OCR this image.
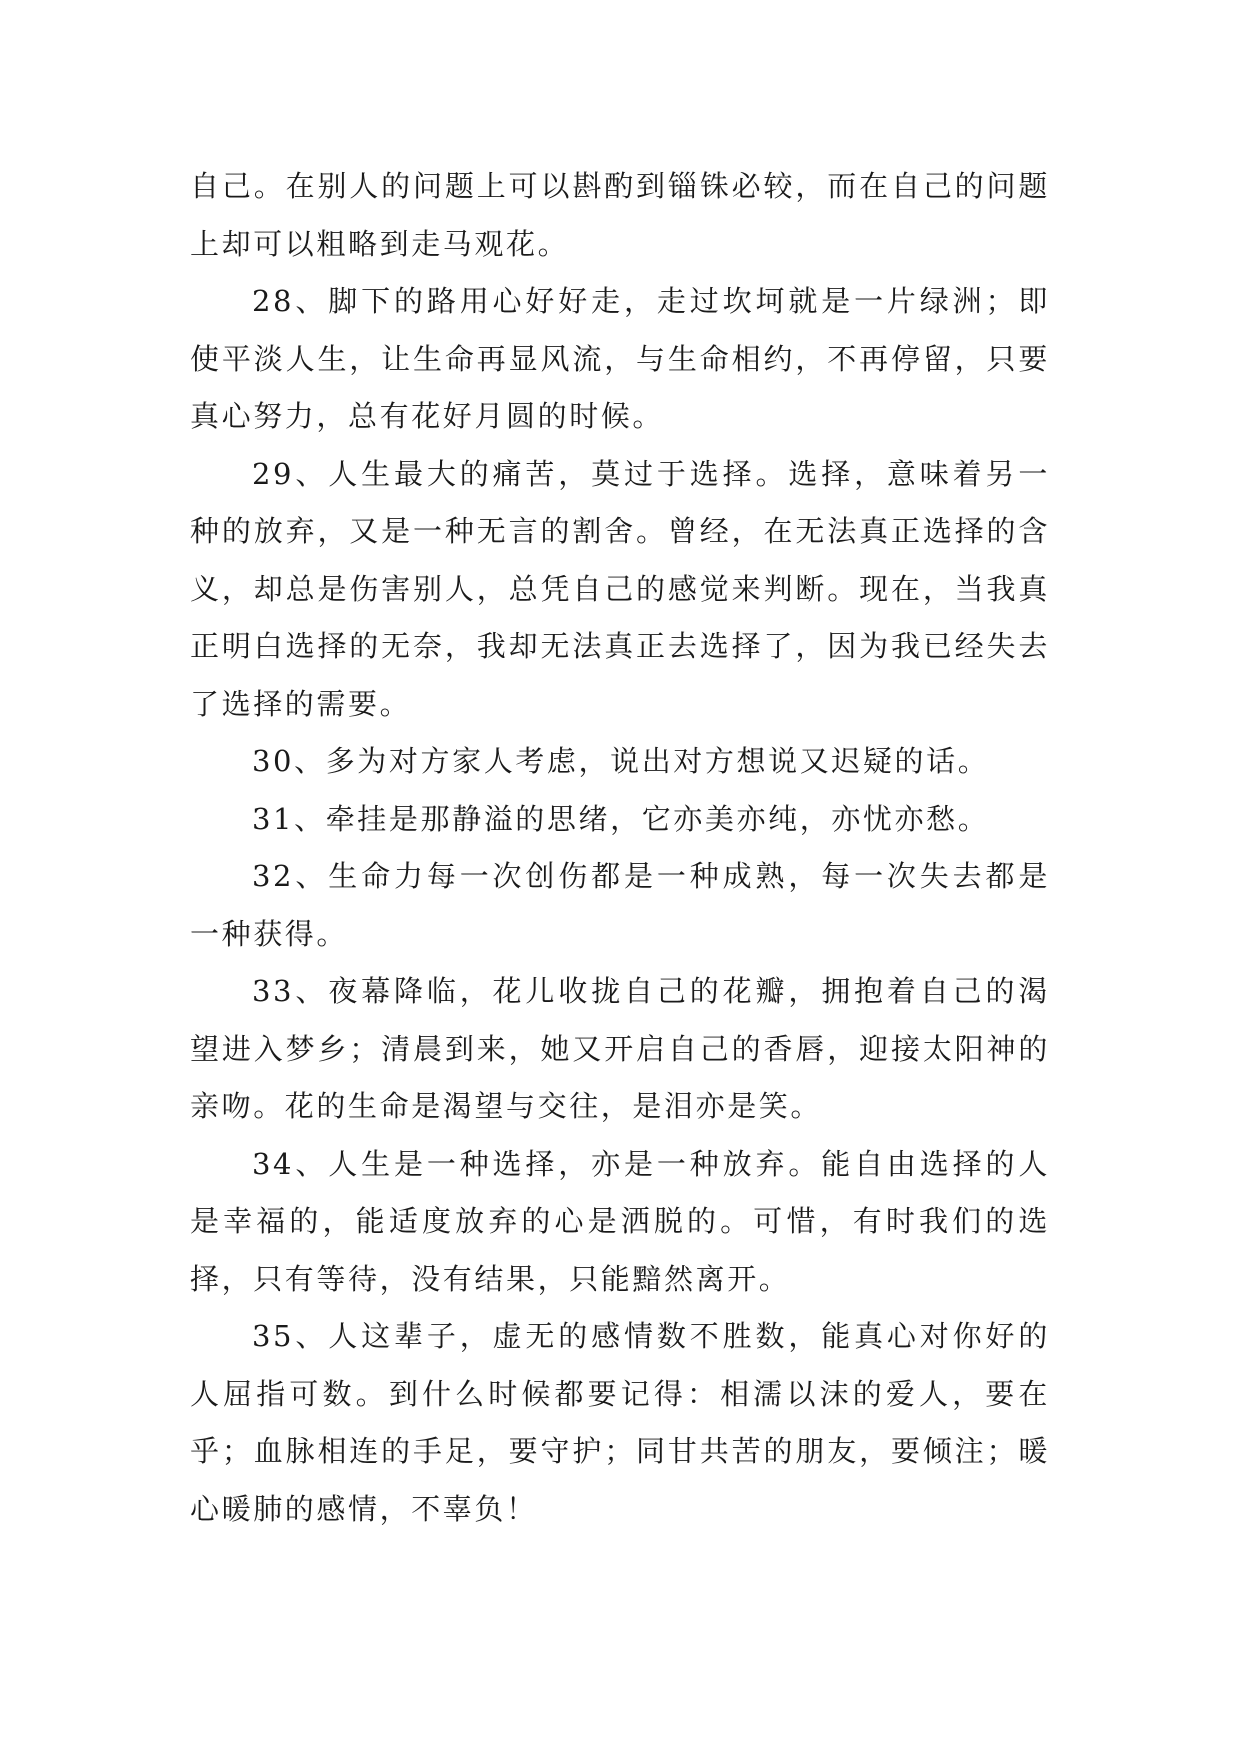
自己。在别人的问题上可以斟酌到锱铢必较，而在自己的问题上却可以粗略到走马观花。

28、脚下的路用心好好走，走过坎坷就是一片绿洲；即使平淡人生，让生命再显风流，与生命相约，不再停留，只要真心努力，总有花好月圆的时候。

29、人生最大的痛苦，莫过于选择。选择，意味着另一种的放弃，又是一种无言的割舍。曾经，在无法真正选择的含义，却总是伤害别人，总凭自己的感觉来判断。现在，当我真正明白选择的无奈，我却无法真正去选择了，因为我已经失去了选择的需要。

30、多为对方家人考虑，说出对方想说又迟疑的话。

31、牵挂是那静溢的思绪，它亦美亦纯，亦忧亦愁。

32、生命力每一次创伤都是一种成熟，每一次失去都是一种获得。

33、夜幕降临，花儿收拢自己的花瓣，拥抱着自己的渴望进入梦乡；清晨到来，她又开启自己的香唇，迎接太阳神的亲吻。花的生命是渴望与交往，是泪亦是笑。

34、人生是一种选择，亦是一种放弃。能自由选择的人是幸福的，能适度放弃的心是洒脱的。可惜，有时我们的选择，只有等待，没有结果，只能黯然离开。

35、人这辈子，虚无的感情数不胜数，能真心对你好的人屈指可数。到什么时候都要记得：相濡以沫的爱人，要在乎；血脉相连的手足，要守护；同甘共苦的朋友，要倾注；暖心暖肺的感情，不辜负！
